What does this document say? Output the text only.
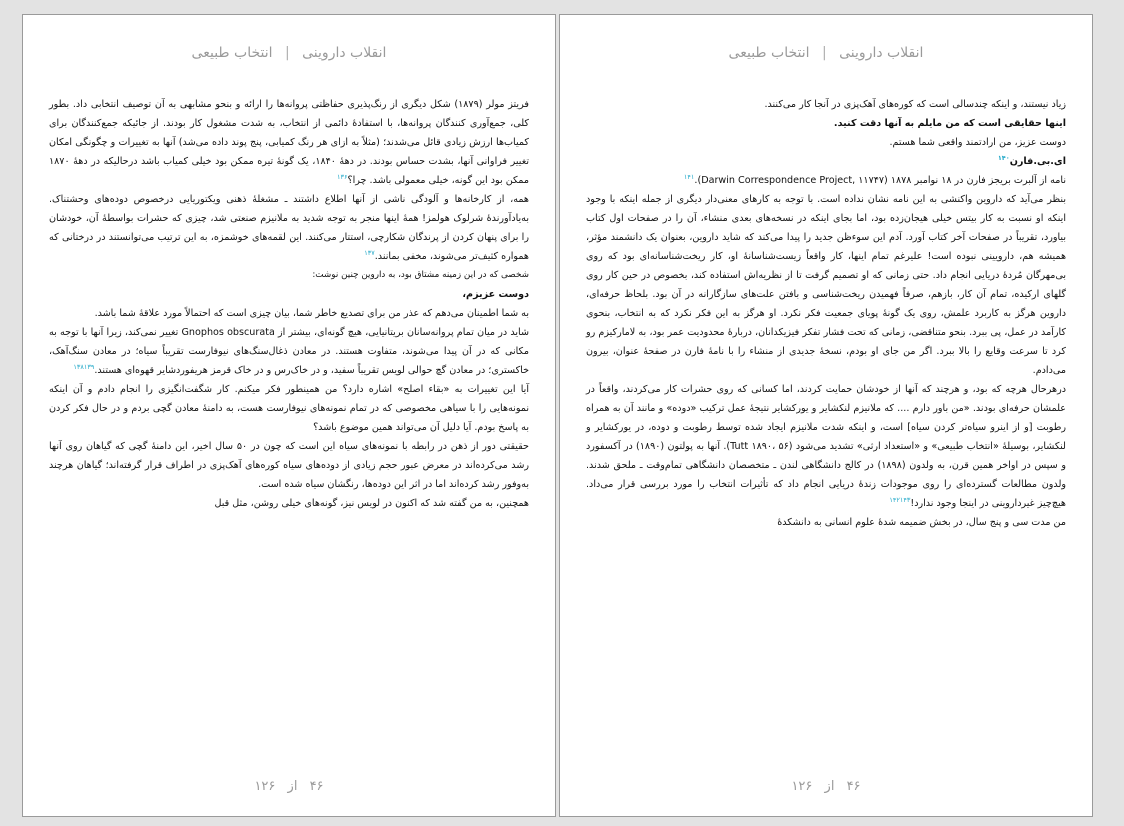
انقلاب داروینی | انتخاب طبیعی

زیاد نیستند، و اینکه چندسالی است که کوره‌های آهک‌پزی در آنجا کار می‌کنند.

اینها حقایقی است که من مایلم به آنها دقت کنید.

دوست عزیز، من ارادتمند واقعی شما هستم.

ای.بی.فارن$^{۱۴۰}$

نامه از آلبرت بریجز فارن در ۱۸ نوامبر ۱۸۷۸ (Darwin Correspondence Project, ۱۱۷۴۷).$^{۱۴۱}$

بنظر می‌آید که داروین واکنشی به این نامه نشان نداده است. با توجه به کارهای معنی‌دار دیگری از جمله اینکه با وجود اینکه او نسبت به کار بیتس خیلی هیجان‌زده بود، اما بجای اینکه در نسخه‌های بعدی منشاء، آن را در صفحات اول کتاب بیاورد، تقریباً در صفحات آخر کتاب آورد. آدم این سوءظن جدید را پیدا می‌کند که شاید داروین، بعنوان یک دانشمند مؤثر، همیشه هم، دارویینی نبوده است! علیرغم تمام اینها، کار واقعاً زیست‌شناسانهٔ او، کار ریخت‌شناسانه‌ای بود که روی بی‌مهرگان مُردهٔ دریایی انجام داد. حتی زمانی که او تصمیم گرفت تا از نظریه‌اش استفاده کند، بخصوص در حین کار روی گلهای ارکیده، تمام آن کار، بازهم، صرفاً فهمیدن ریخت‌شناسی و بافتن علت‌های سازگارانه در آن بود. بلحاظ حرفه‌ای، داروین هرگز به کاربرد علمش، روی یک گونهٔ پویای جمعیت فکر نکرد. او هرگز به این فکر نکرد که به انتخاب، بنحوی کارآمد در عمل، پی ببرد. بنحو متناقضی، زمانی که تحت فشار تفکر فیزیکدانان، دربارهٔ محدودیت عمر بود، به لامارکیزم رو کرد تا سرعت وقایع را بالا ببرد. اگر من جای او بودم، نسخهٔ جدیدی از منشاء را با نامهٔ فارن در صفحهٔ عنوان، بیرون می‌دادم.

درهرحال هرچه که بود، و هرچند که آنها از خودشان حمایت کردند، اما کسانی که روی حشرات کار می‌کردند، واقعاً در علمشان حرفه‌ای بودند. «من باور دارم .... که ملانیزم لنکشایر و یورکشایر نتیجهٔ عمل ترکیب «دوده» و مانند آن به همراه رطوبت [و از اینرو سیاه‌تر کردن سیاه] است، و اینکه شدت ملانیزم ایجاد شده توسط رطوبت و دوده، در یورکشایر و لنکشایر، بوسیلهٔ «انتخاب طبیعی» و «استعداد ارثی» تشدید می‌شود (Tutt ۱۸۹۰، ۵۶). آنها به پولتون (۱۸۹۰) در آکسفورد و سپس در اواخر همین قرن، به ولدون (۱۸۹۸) در کالج دانشگاهی لندن ـ متخصصان دانشگاهی تمام‌وقت ـ ملحق شدند. ولدون مطالعات گسترده‌ای را روی موجودات زندهٔ دریایی انجام داد که تأثیرات انتخاب را مورد بررسی قرار می‌داد. هیچ‌چیز غیرداروینی در اینجا وجود ندارد!$^{۱۴۲۱۴۳}$

من مدت سی و پنج سال، در بخش ضمیمه شدهٔ علوم انسانی به دانشکدهٔ

۴۶ از ۱۲۶
انقلاب داروینی | انتخاب طبیعی

فریتز مولر (۱۸۷۹) شکل دیگری از رنگ‌پذیری حفاظتی پروانه‌ها را ارائه و بنحو مشابهی به آن توصیف انتخابی داد. بطور کلی، جمع‌آوری کنندگان پروانه‌ها، با استفادهٔ دائمی از انتخاب، به شدت مشغول کار بودند. از جائیکه جمع‌کنندگان برای کمیاب‌ها ارزش زیادی قائل می‌شدند؛ (مثلاً به ازای هر رنگ کمیابی، پنج پوند داده می‌شد) آنها به تغییرات و چگونگی امکان تغییر فراوانی آنها، بشدت حساس بودند. در دههٔ ۱۸۴۰، یک گونهٔ تیره ممکن بود خیلی کمیاب باشد درحالیکه در دههٔ ۱۸۷۰ ممکن بود این گونه، خیلی معمولی باشد. چرا؟$^{۱۳۶}$

همه، از کارخانه‌ها و آلودگی ناشی از آنها اطلاع داشتند ـ مشغلهٔ ذهنی ویکتوریایی درخصوص دوده‌های وحشتناک. به‌یادآورندهٔ شرلوک هولمز! همهٔ اینها منجر به توجه شدید به ملانیزم صنعتی شد، چیزی که حشرات بواسطهٔ آن، خودشان را برای پنهان کردن از پرندگان شکارچی، استتار می‌کنند. این لقمه‌های خوشمزه، به این ترتیب می‌توانستند در درختانی که همواره کثیف‌تر می‌شوند، مخفی بمانند.$^{۱۳۷}$

شخصی که در این زمینه مشتاق بود، به داروین چنین نوشت:

دوست عزیزم،

به شما اطمینان می‌دهم که عذر من برای تصدیع خاطر شما، بیان چیزی است که احتمالاً مورد علاقهٔ شما باشد.

شاید در میان تمام پروانه‌سانان بریتانیایی، هیچ گونه‌ای، بیشتر از Gnophos obscurata تغییر نمی‌کند، زیرا آنها با توجه به مکانی که در آن پیدا می‌شوند، متفاوت هستند. در معادن ذغال‌سنگ‌های نیوفارست تقریباً سیاه؛ در معادن سنگ‌آهک، خاکستری؛ در معادن گچ حوالی لویس تقریباً سفید، و در خاک‌رس و در خاک قرمز هریفوردشایر قهوه‌ای هستند.$^{۱۳۸۱۳۹}$

آیا این تغییرات به «بقاء اصلح» اشاره دارد؟ من همینطور فکر میکنم. کار شگفت‌انگیزی را انجام دادم و آن اینکه نمونه‌هایی را با سیاهی مخصوصی که در تمام نمونه‌های نیوفارست هست، به دامنهٔ معادن گچی بردم و در حال فکر کردن به پاسخ بودم. آیا دلیل آن می‌تواند همین موضوع باشد؟

حقیقتی دور از ذهن در رابطه با نمونه‌های سیاه این است که چون در ۵۰ سال اخیر، این دامنهٔ گچی که گیاهان روی آنها رشد می‌کرده‌اند در معرض عبور حجم زیادی از دوده‌های سیاه کوره‌های آهک‌پزی در اطراف قرار گرفته‌اند؛ گیاهان هرچند به‌وفور رشد کرده‌اند اما در اثر این دوده‌ها، رنگشان سیاه شده است.

همچنین، به من گفته شد که اکنون در لویس نیز، گونه‌های خیلی روشن، مثل قبل

۴۶ از ۱۲۶
